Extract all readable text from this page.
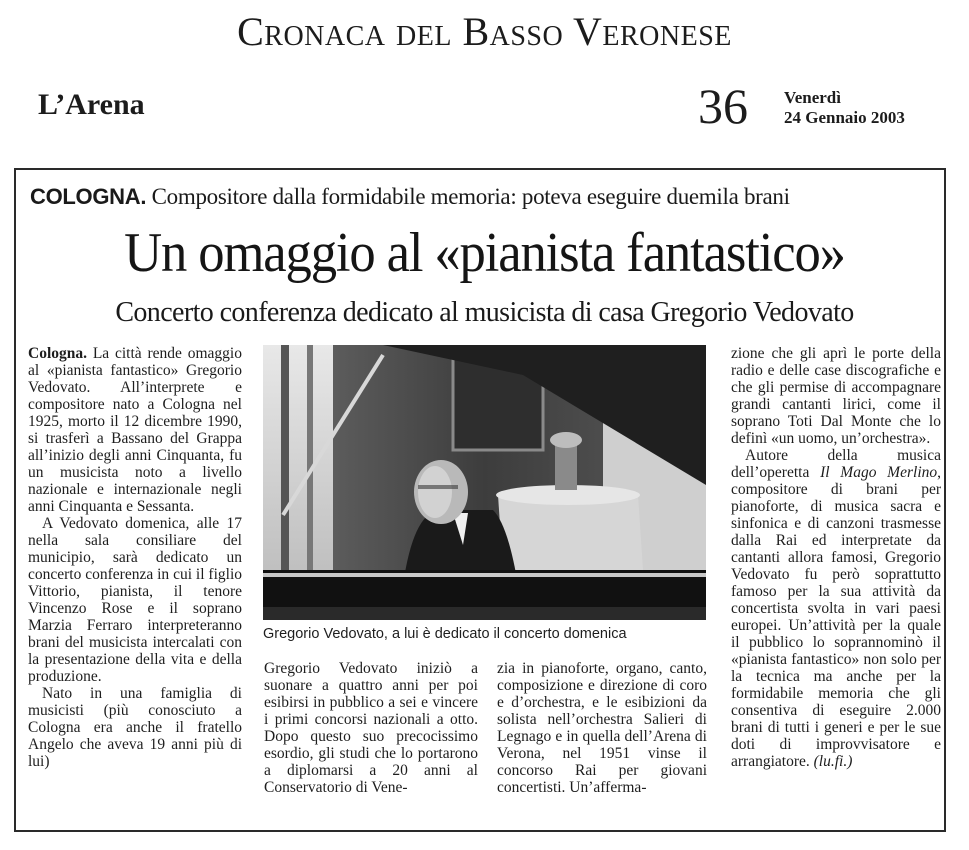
Cronaca del Basso Veronese
L’Arena	36 Venerdì
24 Gennaio 2003
COLOGNA. Compositore dalla formidabile memoria: poteva eseguire duemila brani
Un omaggio al «pianista fantastico»
Concerto conferenza dedicato al musicista di casa Gregorio Vedovato

Cologna. La città rende omaggio al «pianista fantastico» Gregorio Vedovato. All’interprete e compositore nato a Cologna nel 1925, morto il 12 dicembre 1990, si trasferì a Bassano del Grappa all’inizio degli anni Cinquanta, fu un musicista noto a livello nazionale e internazionale negli anni Cinquanta e Sessanta.

A Vedovato domenica, alle 17 nella sala consiliare del municipio, sarà dedicato un concerto conferenza in cui il figlio Vittorio, pianista, il tenore Vincenzo Rose e il soprano Marzia Ferraro interpreteranno brani del musicista intercalati con la presentazione della vita e della produzione.

Nato in una famiglia di musicisti (più conosciuto a Cologna era anche il fratello Angelo che aveva 19 anni più di lui)

Gregorio Vedovato, a lui è dedicato il concerto domenica

Gregorio Vedovato iniziò a suonare a quattro anni per poi esibirsi in pubblico a sei e vincere i primi concorsi nazionali a otto. Dopo questo suo precocissimo esordio, gli studi che lo portarono a diplomarsi a 20 anni al Conservatorio di Vene-

zia in pianoforte, organo, canto, composizione e direzione di coro e d’orchestra, e le esibizioni da solista nell’orchestra Salieri di Legnago e in quella dell’Arena di Verona, nel 1951 vinse il concorso Rai per giovani concertisti. Un’afferma-

zione che gli aprì le porte della radio e delle case discografiche e che gli permise di accompagnare grandi cantanti lirici, come il soprano Toti Dal Monte che lo definì «un uomo, un’orchestra».

Autore della musica dell’operetta Il Mago Merlino, compositore di brani per pianoforte, di musica sacra e sinfonica e di canzoni trasmesse dalla Rai ed interpretate da cantanti allora famosi, Gregorio Vedovato fu però soprattutto famoso per la sua attività da concertista svolta in vari paesi europei. Un’attività per la quale il pubblico lo soprannominò il «pianista fantastico» non solo per la tecnica ma anche per la formidabile memoria che gli consentiva di eseguire 2.000 brani di tutti i generi e per le sue doti di improvvisatore e arrangiatore. (lu.fi.)
